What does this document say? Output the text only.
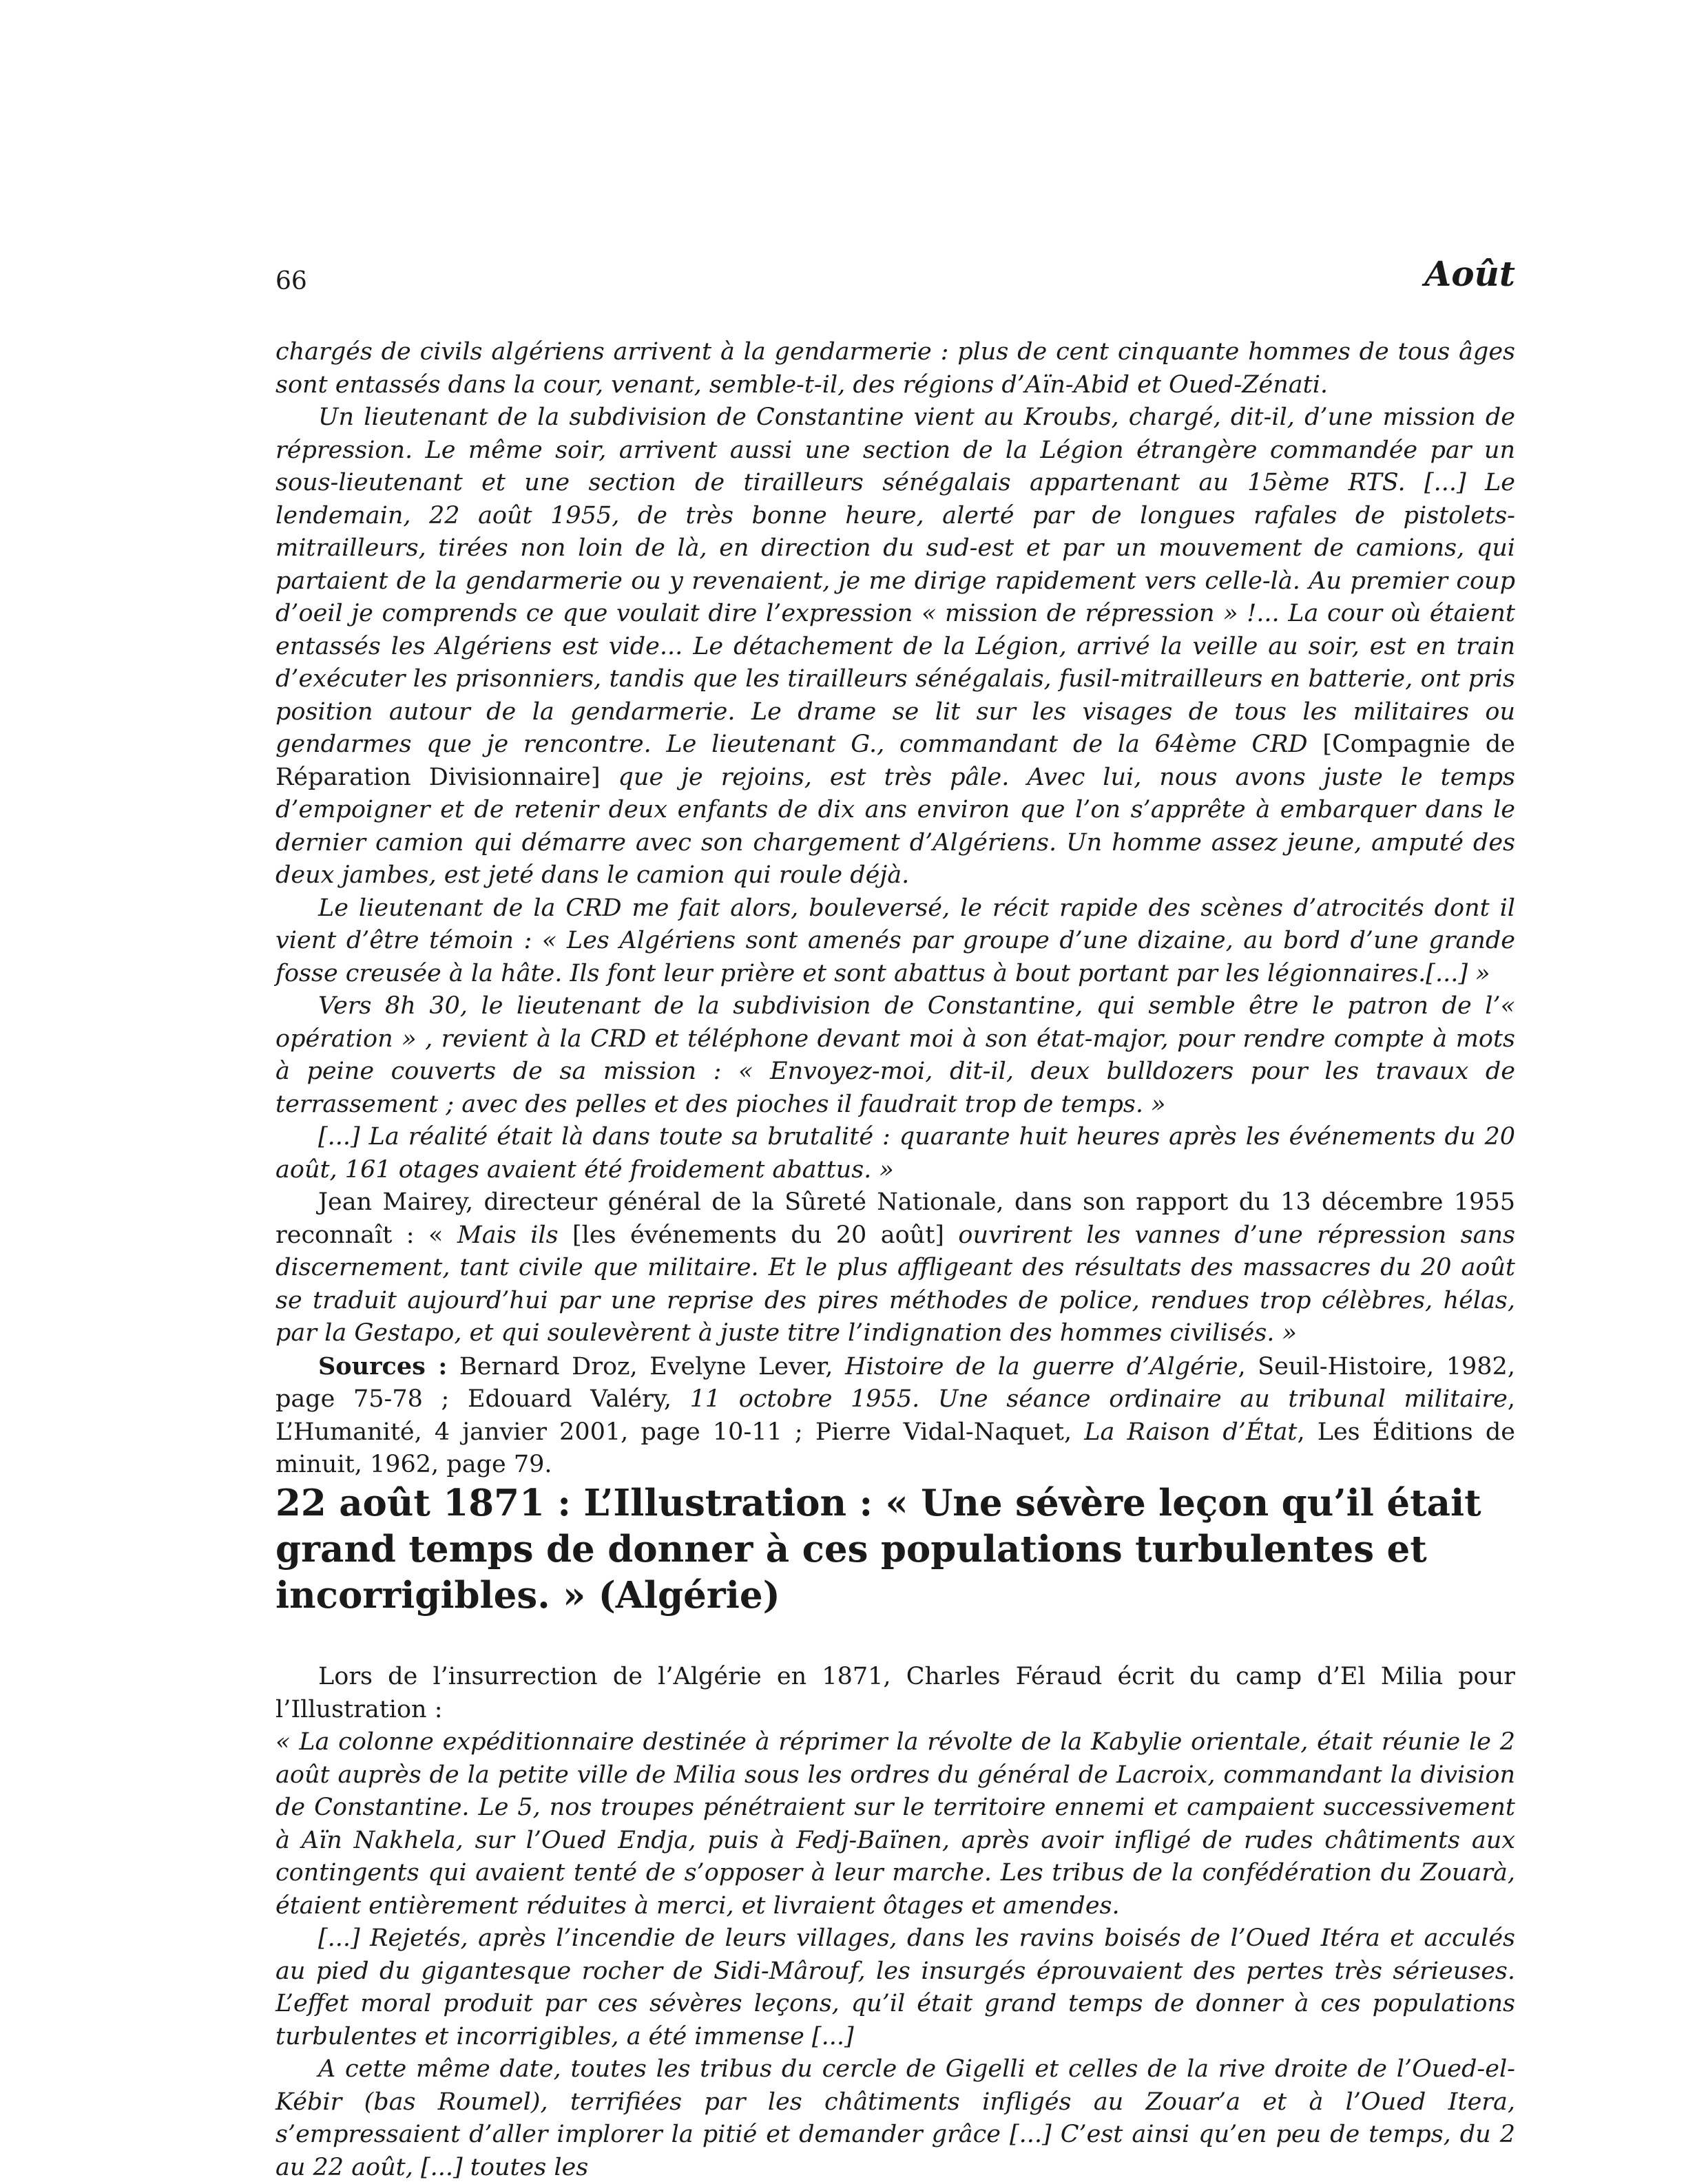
66	Août

chargés de civils algériens arrivent à la gendarmerie : plus de cent cinquante hommes de tous âges sont entassés dans la cour, venant, semble-t-il, des régions d’Aïn-Abid et Oued-Zénati.

Un lieutenant de la subdivision de Constantine vient au Kroubs, chargé, dit-il, d’une mission de répression. Le même soir, arrivent aussi une section de la Légion étrangère commandée par un sous-lieutenant et une section de tirailleurs sénégalais appartenant au 15ème RTS. [...] Le lendemain, 22 août 1955, de très bonne heure, alerté par de longues rafales de pistolets-mitrailleurs, tirées non loin de là, en direction du sud-est et par un mouvement de camions, qui partaient de la gendarmerie ou y revenaient, je me dirige rapidement vers celle-là. Au premier coup d’oeil je comprends ce que voulait dire l’expression « mission de répression » !... La cour où étaient entassés les Algériens est vide... Le détachement de la Légion, arrivé la veille au soir, est en train d’exécuter les prisonniers, tandis que les tirailleurs sénégalais, fusil-mitrailleurs en batterie, ont pris position autour de la gendarmerie. Le drame se lit sur les visages de tous les militaires ou gendarmes que je rencontre. Le lieutenant G., commandant de la 64ème CRD [Compagnie de Réparation Divisionnaire] que je rejoins, est très pâle. Avec lui, nous avons juste le temps d’empoigner et de retenir deux enfants de dix ans environ que l’on s’apprête à embarquer dans le dernier camion qui démarre avec son chargement d’Algériens. Un homme assez jeune, amputé des deux jambes, est jeté dans le camion qui roule déjà.

Le lieutenant de la CRD me fait alors, bouleversé, le récit rapide des scènes d’atrocités dont il vient d’être témoin : « Les Algériens sont amenés par groupe d’une dizaine, au bord d’une grande fosse creusée à la hâte. Ils font leur prière et sont abattus à bout portant par les légionnaires.[...] »

Vers 8h 30, le lieutenant de la subdivision de Constantine, qui semble être le patron de l’« opération » , revient à la CRD et téléphone devant moi à son état-major, pour rendre compte à mots à peine couverts de sa mission : « Envoyez-moi, dit-il, deux bulldozers pour les travaux de terrassement ; avec des pelles et des pioches il faudrait trop de temps. »

[...] La réalité était là dans toute sa brutalité : quarante huit heures après les événements du 20 août, 161 otages avaient été froidement abattus. »

Jean Mairey, directeur général de la Sûreté Nationale, dans son rapport du 13 décembre 1955 reconnaît : « Mais ils [les événements du 20 août] ouvrirent les vannes d’une répression sans discernement, tant civile que militaire. Et le plus affligeant des résultats des massacres du 20 août se traduit aujourd’hui par une reprise des pires méthodes de police, rendues trop célèbres, hélas, par la Gestapo, et qui soulevèrent à juste titre l’indignation des hommes civilisés. »

Sources : Bernard Droz, Evelyne Lever, Histoire de la guerre d’Algérie, Seuil-Histoire, 1982, page 75-78 ; Edouard Valéry, 11 octobre 1955. Une séance ordinaire au tribunal militaire, L’Humanité, 4 janvier 2001, page 10-11 ; Pierre Vidal-Naquet, La Raison d’État, Les Éditions de minuit, 1962, page 79.

22 août 1871 : L’Illustration : « Une sévère leçon qu’il était grand temps de donner à ces populations turbulentes et incorrigibles. » (Algérie)

Lors de l’insurrection de l’Algérie en 1871, Charles Féraud écrit du camp d’El Milia pour l’Illustration :

« La colonne expéditionnaire destinée à réprimer la révolte de la Kabylie orientale, était réunie le 2 août auprès de la petite ville de Milia sous les ordres du général de Lacroix, commandant la division de Constantine. Le 5, nos troupes pénétraient sur le territoire ennemi et campaient successivement à Aïn Nakhela, sur l’Oued Endja, puis à Fedj-Baïnen, après avoir infligé de rudes châtiments aux contingents qui avaient tenté de s’opposer à leur marche. Les tribus de la confédération du Zouarà, étaient entièrement réduites à merci, et livraient ôtages et amendes.

[...] Rejetés, après l’incendie de leurs villages, dans les ravins boisés de l’Oued Itéra et acculés au pied du gigantesque rocher de Sidi-Mârouf, les insurgés éprouvaient des pertes très sérieuses. L’effet moral produit par ces sévères leçons, qu’il était grand temps de donner à ces populations turbulentes et incorrigibles, a été immense [...]

A cette même date, toutes les tribus du cercle de Gigelli et celles de la rive droite de l’Oued-el-Kébir (bas Roumel), terrifiées par les châtiments infligés au Zouar’a et à l’Oued Itera, s’empressaient d’aller implorer la pitié et demander grâce [...] C’est ainsi qu’en peu de temps, du 2 au 22 août, [...] toutes les
